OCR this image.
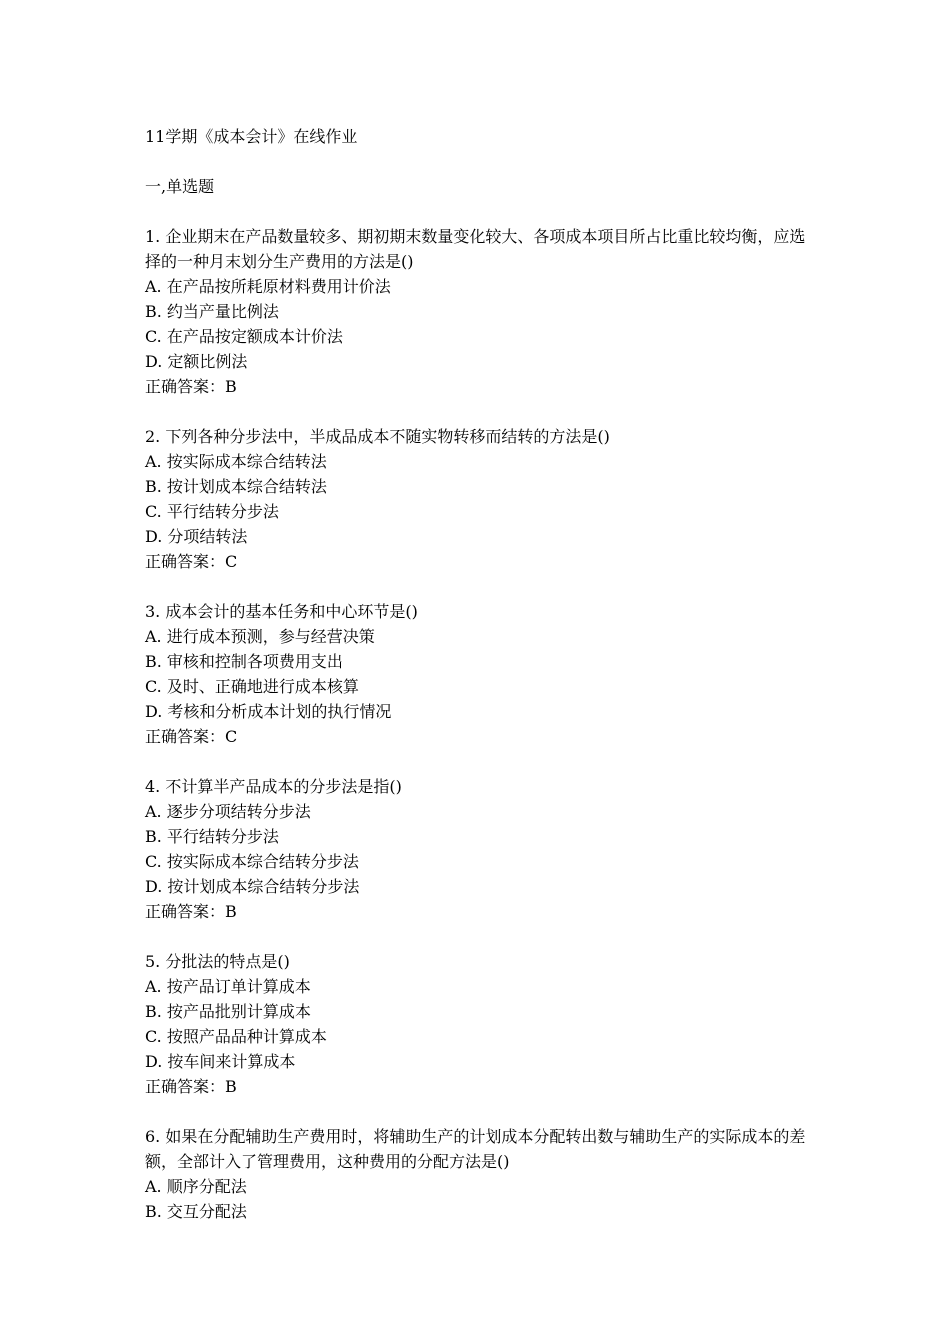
11学期《成本会计》在线作业

一,单选题

1. 企业期末在产品数量较多、期初期末数量变化较大、各项成本项目所占比重比较均衡，应选择的一种月末划分生产费用的方法是()

A. 在产品按所耗原材料费用计价法

B. 约当产量比例法

C. 在产品按定额成本计价法

D. 定额比例法

正确答案：B

2. 下列各种分步法中，半成品成本不随实物转移而结转的方法是()

A. 按实际成本综合结转法

B. 按计划成本综合结转法

C. 平行结转分步法

D. 分项结转法

正确答案：C

3. 成本会计的基本任务和中心环节是()

A. 进行成本预测，参与经营决策

B. 审核和控制各项费用支出

C. 及时、正确地进行成本核算

D. 考核和分析成本计划的执行情况

正确答案：C

4. 不计算半产品成本的分步法是指()

A. 逐步分项结转分步法

B. 平行结转分步法

C. 按实际成本综合结转分步法

D. 按计划成本综合结转分步法

正确答案：B

5. 分批法的特点是()

A. 按产品订单计算成本

B. 按产品批别计算成本

C. 按照产品品种计算成本

D. 按车间来计算成本

正确答案：B

6. 如果在分配辅助生产费用时，将辅助生产的计划成本分配转出数与辅助生产的实际成本的差额，全部计入了管理费用，这种费用的分配方法是()

A. 顺序分配法

B. 交互分配法
